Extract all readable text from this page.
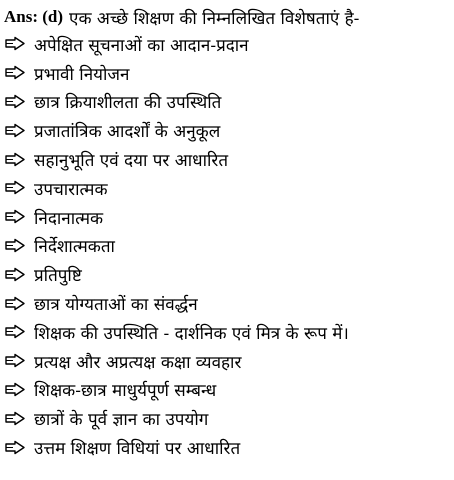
Ans: (d) एक अच्छे शिक्षण की निम्नलिखित विशेषताएं है-
अपेक्षित सूचनाओं का आदान-प्रदान
प्रभावी नियोजन
छात्र क्रियाशीलता की उपस्थिति
प्रजातांत्रिक आदर्शों के अनुकूल
सहानुभूति एवं दया पर आधारित
उपचारात्मक
निदानात्मक
निर्देशात्मकता
प्रतिपुष्टि
छात्र योग्यताओं का संवर्द्धन
शिक्षक की उपस्थिति - दार्शनिक एवं मित्र के रूप में।
प्रत्यक्ष और अप्रत्यक्ष कक्षा व्यवहार
शिक्षक-छात्र माधुर्यपूर्ण सम्बन्ध
छात्रों के पूर्व ज्ञान का उपयोग
उत्तम शिक्षण विधियां पर आधारित
